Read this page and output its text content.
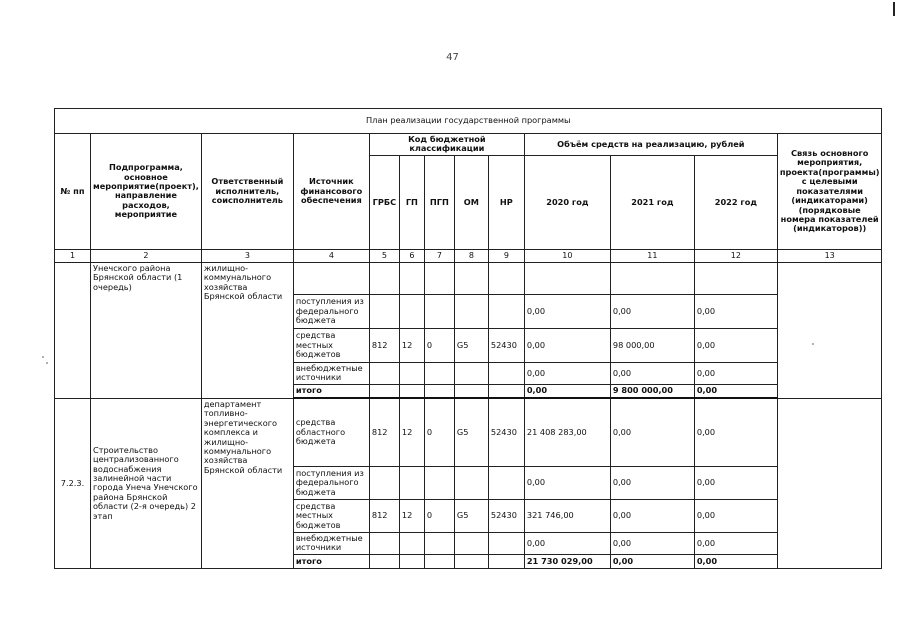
47
План реализации государственной программы												
№ пп	Подпрограмма, основное мероприятие(проект), направление расходов, мероприятие	Ответственный исполнитель, соисполнитель	Источник финансового обеспечения	Код бюджетной классификации					Объём средств на реализацию, рублей			Связь основного мероприятия, проекта(программы) с целевыми показателями (индикаторами) (порядковые номера показателей (индикаторов))
				ГРБС	ГП	ПГП	ОМ	НР	2020 год	2021 год	2022 год	
1	2	3	4	5	6	7	8	9	10	11	12	13
	Унечского района Брянской области (1 очередь)	жилищно-коммунального хозяйства Брянской области										
			поступления из федерального бюджета						0,00	0,00	0,00	
			средства местных бюджетов	812	12	0	G5	52430	0,00	98 000,00	0,00	
			внебюджетные источники						0,00	0,00	0,00	
			итого						0,00	9 800 000,00	0,00	
7.2.3.	Строительство централизованного водоснабжения залинейной части города Унеча Унечского района Брянской области (2-я очередь) 2 этап	департамент топливно-энергетического комплекса и жилищно-коммунального хозяйства Брянской области	средства областного бюджета	812	12	0	G5	52430	21 408 283,00	0,00	0,00	
			поступления из федерального бюджета						0,00	0,00	0,00	
			средства местных бюджетов	812	12	0	G5	52430	321 746,00	0,00	0,00	
			внебюджетные источники						0,00	0,00	0,00	
			итого						21 730 029,00	0,00	0,00	
